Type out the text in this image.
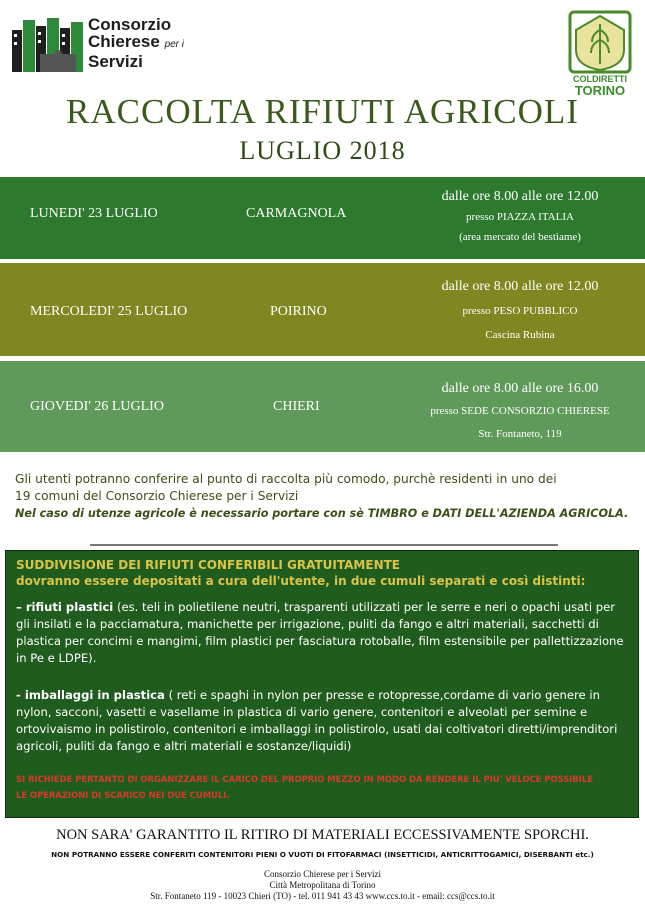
Consorzio
Chierese per i
Servizi
COLDIRETTI
TORINO
RACCOLTA RIFIUTI AGRICOLI
LUGLIO 2018
LUNEDI' 23 LUGLIO	CARMAGNOLA
dalle ore 8.00 alle ore 12.00
presso PIAZZA ITALIA
(area mercato del bestiame)
MERCOLEDI' 25 LUGLIO	POIRINO
dalle ore 8.00 alle ore 12.00
presso PESO PUBBLICO
Cascina Rubina
GIOVEDI' 26 LUGLIO	CHIERI
dalle ore 8.00 alle ore 16.00
presso SEDE CONSORZIO CHIERESE
Str. Fontaneto, 119
Gli utenti potranno conferire al punto di raccolta più comodo, purchè residenti in uno dei
19 comuni del Consorzio Chierese per i Servizi
Nel caso di utenze agricole è necessario portare con sè TIMBRO e DATI DELL'AZIENDA AGRICOLA.
SUDDIVISIONE DEI RIFIUTI CONFERIBILI GRATUITAMENTE
dovranno essere depositati a cura dell'utente, in due cumuli separati e così distinti:
– rifiuti plastici (es. teli in polietilene neutri, trasparenti utilizzati per le serre e neri o opachi usati per gli insilati e la pacciamatura, manichette per irrigazione, puliti da fango e altri materiali, sacchetti di plastica per concimi e mangimi, film plastici per fasciatura rotoballe, film estensibile per pallettizzazione in Pe e LDPE).
- imballaggi in plastica ( reti e spaghi in nylon per presse e rotopresse,cordame di vario genere in nylon, sacconi, vasetti e vasellame in plastica di vario genere, contenitori e alveolati per semine e ortovivaismo in polistirolo, contenitori e imballaggi in polistirolo, usati dai coltivatori diretti/imprenditori agricoli, puliti da fango e altri materiali e sostanze/liquidi)
SI RICHIEDE PERTANTO DI ORGANIZZARE IL CARICO DEL PROPRIO MEZZO IN MODO DA RENDERE IL PIU' VELOCE POSSIBILE
LE OPERAZIONI DI SCARICO NEI DUE CUMULI.
NON SARA' GARANTITO IL RITIRO DI MATERIALI ECCESSIVAMENTE SPORCHI.
NON POTRANNO ESSERE CONFERITI CONTENITORI PIENI O VUOTI DI FITOFARMACI (INSETTICIDI, ANTICRITTOGAMICI, DISERBANTI etc.)
Consorzio Chierese per i Servizi
Città Metropolitana di Torino
Str. Fontaneto 119 - 10023 Chieri (TO) - tel. 011 941 43 43 www.ccs.to.it - email: ccs@ccs.to.it
